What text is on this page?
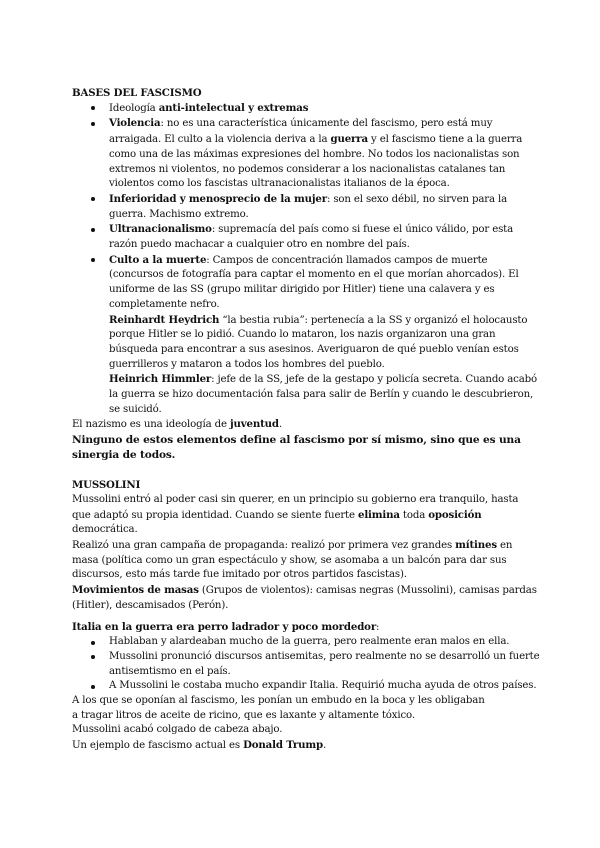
BASES DEL FASCISMO

Ideología anti-intelectual y extremas
Violencia: no es una característica únicamente del fascismo, pero está muy arraigada. El culto a la violencia deriva a la guerra y el fascismo tiene a la guerra como una de las máximas expresiones del hombre. No todos los nacionalistas son extremos ni violentos, no podemos considerar a los nacionalistas catalanes tan violentos como los fascistas ultranacionalistas italianos de la época.
Inferioridad y menosprecio de la mujer: son el sexo débil, no sirven para la guerra. Machismo extremo.
Ultranacionalismo: supremacía del país como si fuese el único válido, por esta razón puedo machacar a cualquier otro en nombre del país.
Culto a la muerte: Campos de concentración llamados campos de muerte (concursos de fotografía para captar el momento en el que morían ahorcados). El uniforme de las SS (grupo militar dirigido por Hitler) tiene una calavera y es completamente nefro.

Reinhardt Heydrich “la bestia rubia”: pertenecía a la SS y organizó el holocausto porque Hitler se lo pidió. Cuando lo mataron, los nazis organizaron una gran búsqueda para encontrar a sus asesinos. Averiguaron de qué pueblo venían estos guerrilleros y mataron a todos los hombres del pueblo.

Heinrich Himmler: jefe de la SS, jefe de la gestapo y policía secreta. Cuando acabó la guerra se hizo documentación falsa para salir de Berlín y cuando le descubrieron, se suicidó.

El nazismo es una ideología de juventud.

Ninguno de estos elementos define al fascismo por sí mismo, sino que es una sinergia de todos.

MUSSOLINI

Mussolini entró al poder casi sin querer, en un principio su gobierno era tranquilo, hasta que adaptó su propia identidad. Cuando se siente fuerte elimina toda oposición democrática.

Realizó una gran campaña de propaganda: realizó por primera vez grandes mítines en masa (política como un gran espectáculo y show, se asomaba a un balcón para dar sus discursos, esto más tarde fue imitado por otros partidos fascistas).

Movimientos de masas (Grupos de violentos): camisas negras (Mussolini), camisas pardas (Hitler), descamisados (Perón).

Italia en la guerra era perro ladrador y poco mordedor:

Hablaban y alardeaban mucho de la guerra, pero realmente eran malos en ella.
Mussolini pronunció discursos antisemitas, pero realmente no se desarrolló un fuerte antisemtismo en el país.
A Mussolini le costaba mucho expandir Italia. Requirió mucha ayuda de otros países.

A los que se oponían al fascismo, les ponían un embudo en la boca y les obligaban

a tragar litros de aceite de ricino, que es laxante y altamente tóxico.

Mussolini acabó colgado de cabeza abajo.

Un ejemplo de fascismo actual es Donald Trump.
